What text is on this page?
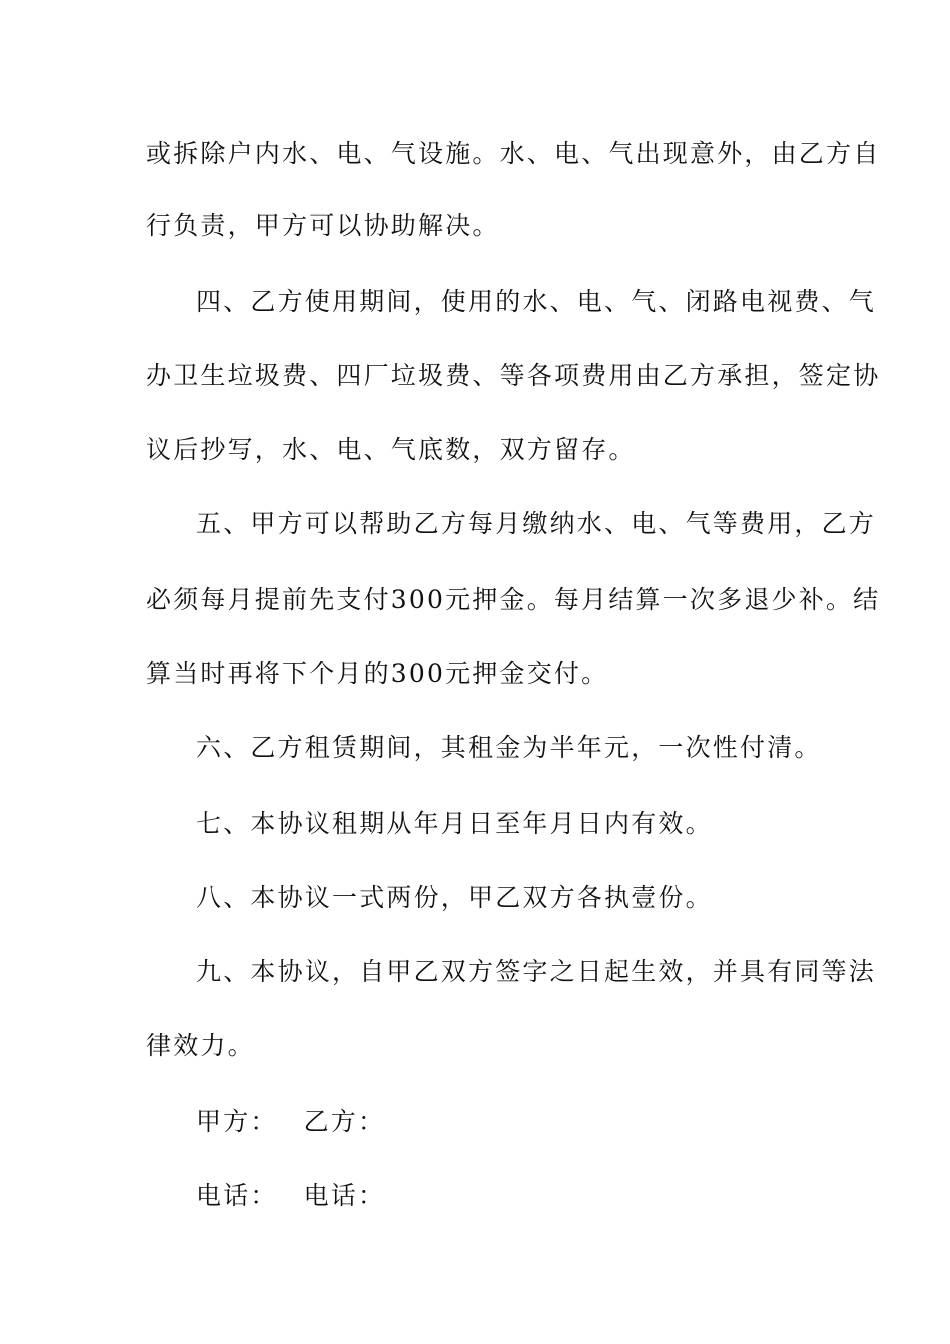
或拆除户内水、电、气设施。水、电、气出现意外，由乙方自
行负责，甲方可以协助解决。
四、乙方使用期间，使用的水、电、气、闭路电视费、气
办卫生垃圾费、四厂垃圾费、等各项费用由乙方承担，签定协
议后抄写，水、电、气底数，双方留存。
五、甲方可以帮助乙方每月缴纳水、电、气等费用，乙方
必须每月提前先支付300元押金。每月结算一次多退少补。结
算当时再将下个月的300元押金交付。
六、乙方租赁期间，其租金为半年元，一次性付清。
七、本协议租期从年月日至年月日内有效。
八、本协议一式两份，甲乙双方各执壹份。
九、本协议，自甲乙双方签字之日起生效，并具有同等法
律效力。
甲方： 乙方：
电话： 电话：
